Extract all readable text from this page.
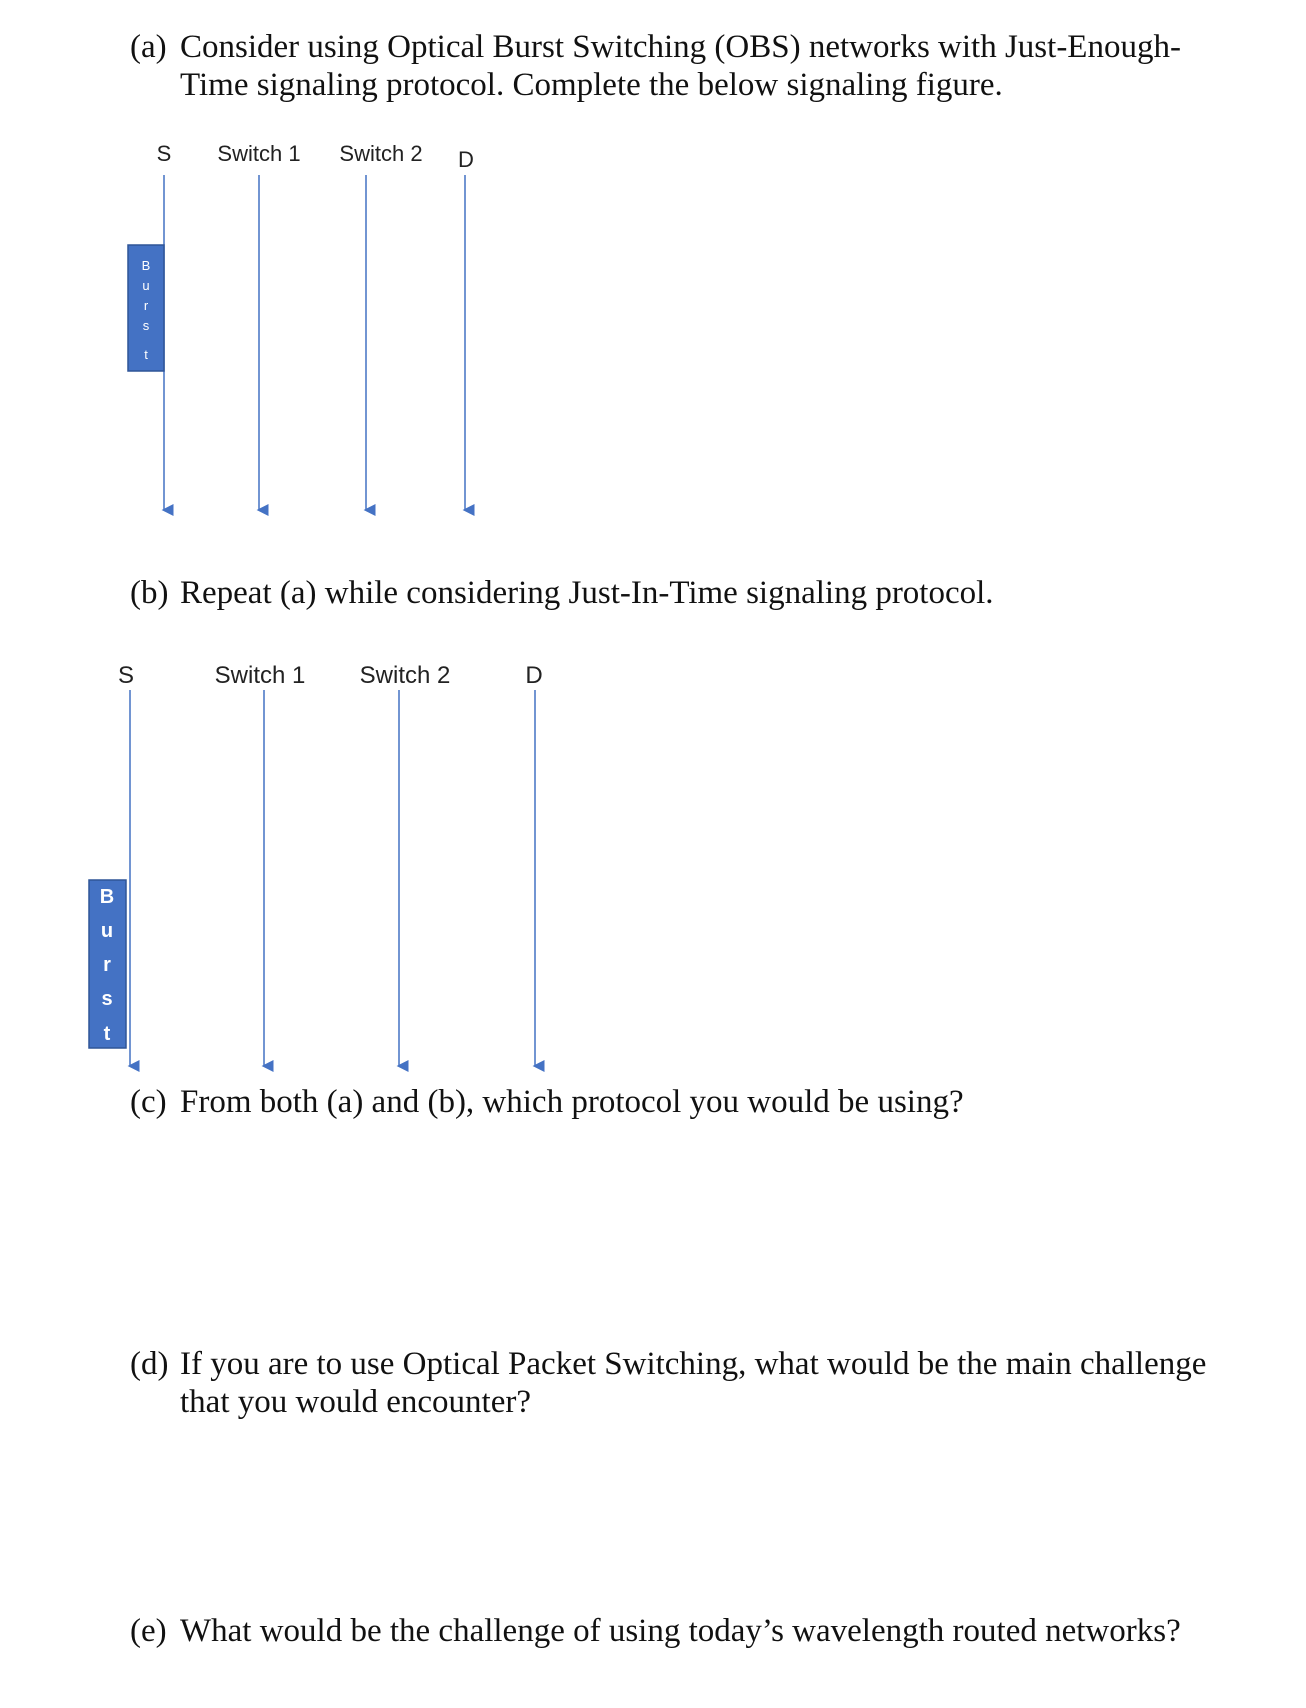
(a) Consider using Optical Burst Switching (OBS) networks with Just-Enough-
Time signaling protocol. Complete the below signaling figure.
S Switch 1 Switch 2 D
B
u
r
s
t
(b) Repeat (a) while considering Just-In-Time signaling protocol.
S	Switch 1 Switch 2	D
B
u
r
s
t
(c) From both (a) and (b), which protocol you would be using?
(d) If you are to use Optical Packet Switching, what would be the main challenge
that you would encounter?
(e) What would be the challenge of using today’s wavelength routed networks?
